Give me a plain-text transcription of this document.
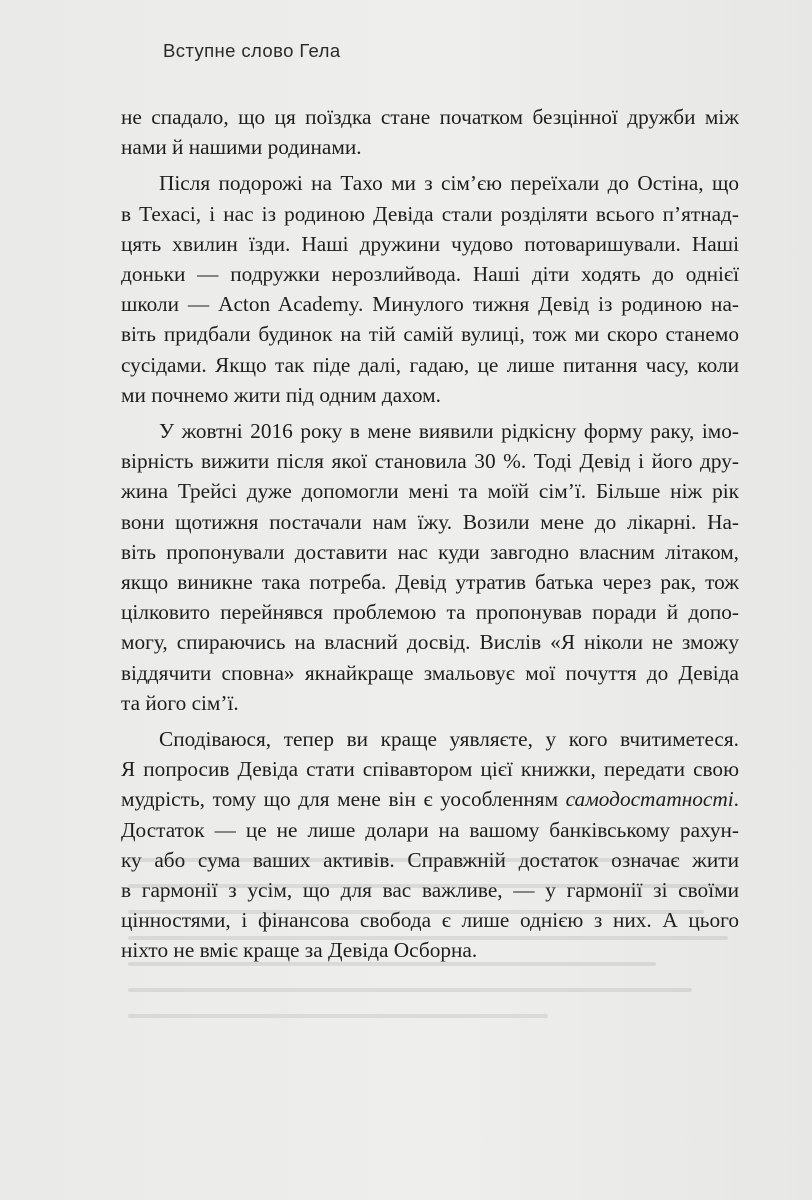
Вступне слово Гела
не спадало, що ця поїздка стане початком безцінної дружби між
нами й нашими родинами.
Після подорожі на Тахо ми з сім’єю переїхали до Остіна, що
в Техасі, і нас із родиною Девіда стали розділяти всього п’ятнад-
цять хвилин їзди. Наші дружини чудово потоваришували. Наші
доньки — подружки нерозлийвода. Наші діти ходять до однієї
школи — Acton Academy. Минулого тижня Девід із родиною на-
віть придбали будинок на тій самій вулиці, тож ми скоро станемо
сусідами. Якщо так піде далі, гадаю, це лише питання часу, коли
ми почнемо жити під одним дахом.
У жовтні 2016 року в мене виявили рідкісну форму раку, імо-
вірність вижити після якої становила 30 %. Тоді Девід і його дру-
жина Трейсі дуже допомогли мені та моїй сім’ї. Більше ніж рік
вони щотижня постачали нам їжу. Возили мене до лікарні. На-
віть пропонували доставити нас куди завгодно власним літаком,
якщо виникне така потреба. Девід утратив батька через рак, тож
цілковито перейнявся проблемою та пропонував поради й допо-
могу, спираючись на власний досвід. Вислів «Я ніколи не зможу
віддячити сповна» якнайкраще змальовує мої почуття до Девіда
та його сім’ї.
Сподіваюся, тепер ви краще уявляєте, у кого вчитиметеся.
Я попросив Девіда стати співавтором цієї книжки, передати свою
мудрість, тому що для мене він є уособленням самодостатності.
Достаток — це не лише долари на вашому банківському рахун-
ку або сума ваших активів. Справжній достаток означає жити
в гармонії з усім, що для вас важливе, — у гармонії зі своїми
цінностями, і фінансова свобода є лише однією з них. А цього
ніхто не вміє краще за Девіда Осборна.
